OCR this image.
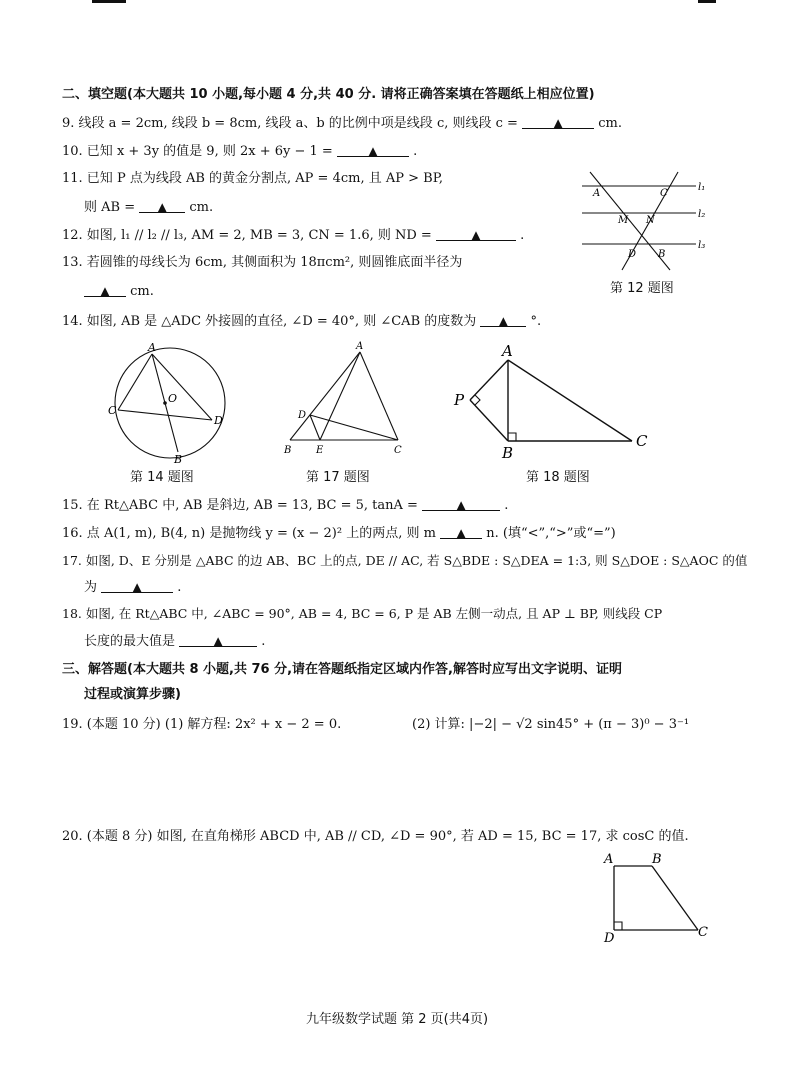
二、填空题(本大题共 10 小题,每小题 4 分,共 40 分. 请将正确答案填在答题纸上相应位置)
9. 线段 a = 2cm, 线段 b = 8cm, 线段 a、b 的比例中项是线段 c, 则线段 c =	▲	cm.
10. 已知 x + 3y 的值是 9, 则 2x + 6y − 1 =	▲	.
11. 已知 P 点为线段 AB 的黄金分割点, AP = 4cm, 且 AP > BP,
则 AB = ▲ cm.
12. 如图, l₁ // l₂ // l₃, AM = 2, MB = 3, CN = 1.6, 则 ND =	▲	.
13. 若圆锥的母线长为 6cm, 其侧面积为 18πcm², 则圆锥底面半径为
▲ cm.
14. 如图, AB 是 △ADC 外接圆的直径, ∠D = 40°, 则 ∠CAB 的度数为 ▲ °.
A	C
l₁
M N
l₂
D B
l₃
第 12 题图
A
O
C
D
B
第 14 题图
A
D
B E	C
第 17 题图
A
P
B
C
第 18 题图
15. 在 Rt△ABC 中, AB 是斜边, AB = 13, BC = 5, tanA =	▲	.
16. 点 A(1, m), B(4, n) 是抛物线 y = (x − 2)² 上的两点, 则 m ▲ n. (填“<”,“>”或“=”)
17. 如图, D、E 分别是 △ABC 的边 AB、BC 上的点, DE // AC, 若 S△BDE : S△DEA = 1:3, 则 S△DOE : S△AOC 的值
为	▲	.
18. 如图, 在 Rt△ABC 中, ∠ABC = 90°, AB = 4, BC = 6, P 是 AB 左侧一动点, 且 AP ⊥ BP, 则线段 CP
长度的最大值是	▲	.
三、解答题(本大题共 8 小题,共 76 分,请在答题纸指定区域内作答,解答时应写出文字说明、证明
过程或演算步骤)
19. (本题 10 分) (1) 解方程: 2x² + x − 2 = 0.	(2) 计算: |−2| − √2 sin45° + (π − 3)⁰ − 3⁻¹
20. (本题 8 分) 如图, 在直角梯形 ABCD 中, AB // CD, ∠D = 90°, 若 AD = 15, BC = 17, 求 cosC 的值.
A	B
D	C
九年级数学试题 第 2 页(共4页)
